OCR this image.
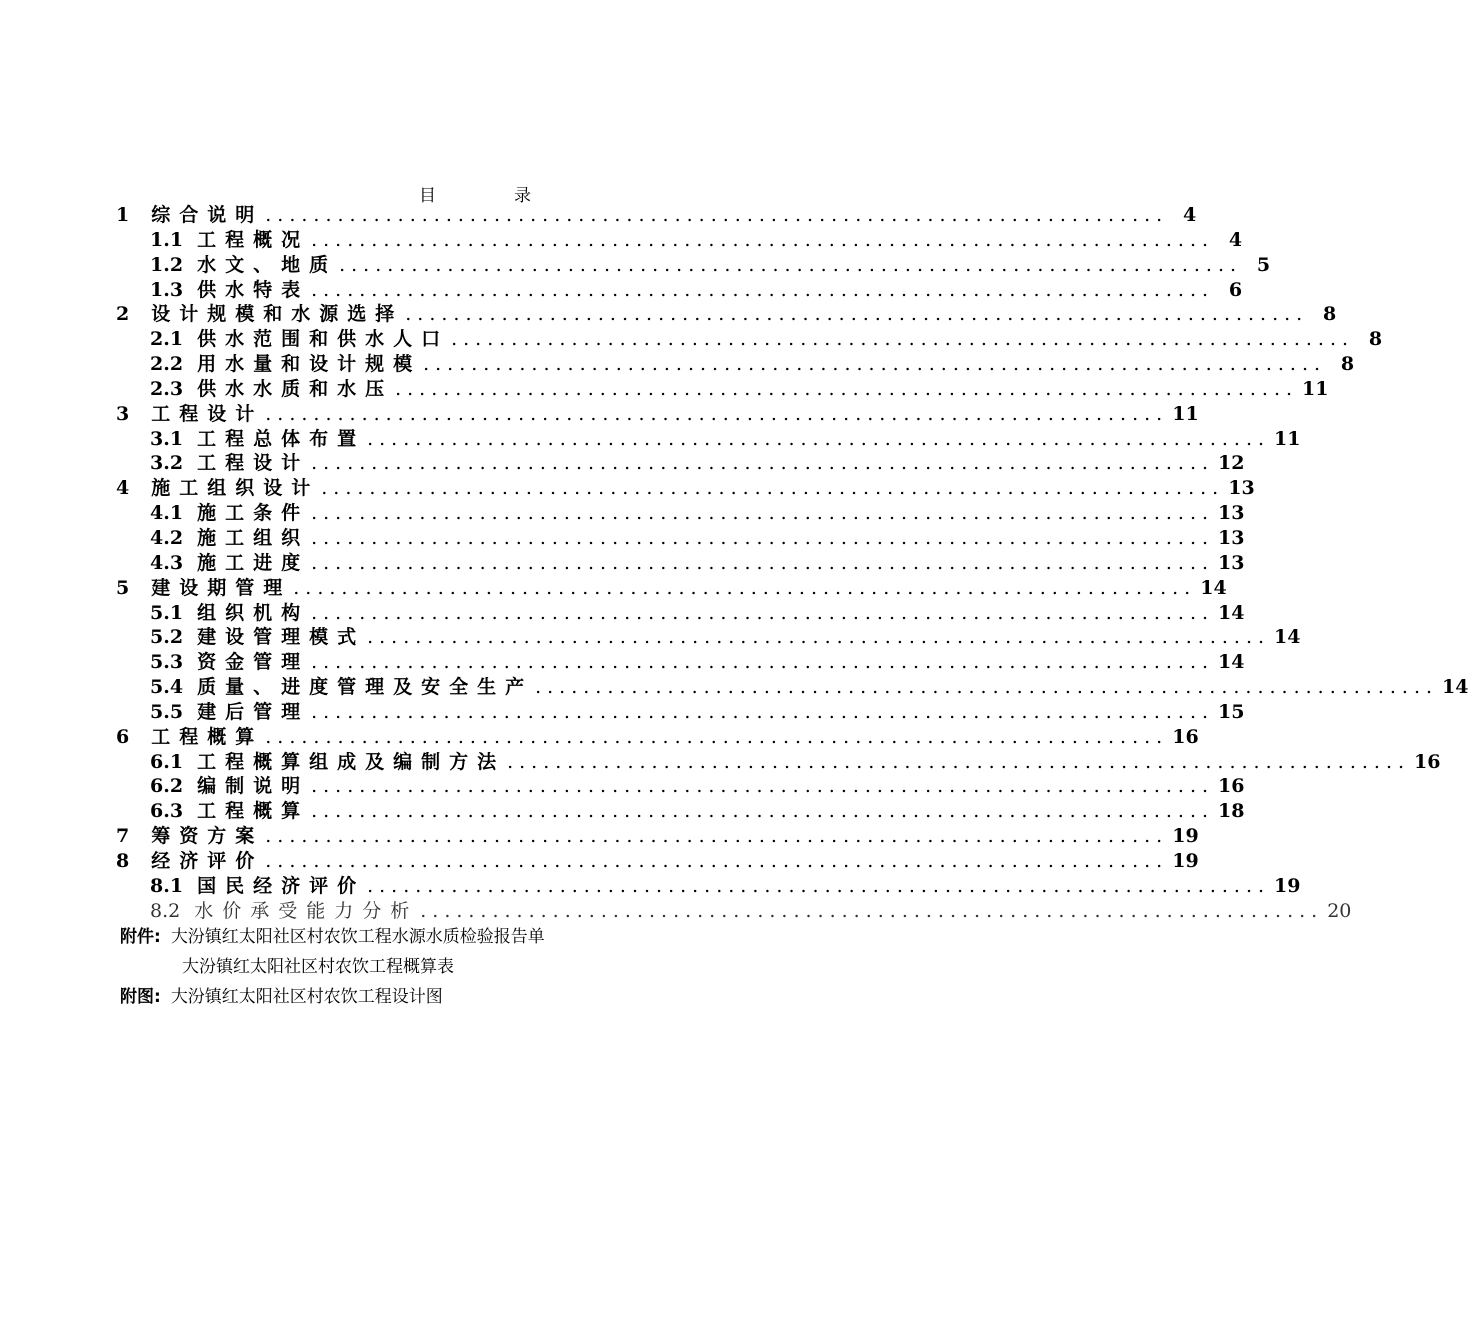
目	录
1 综合说明 ........................................................................... 4
1.1 工程概况 ........................................................................... 4
1.2 水文、地质 ........................................................................... 5
1.3 供水特表 ........................................................................... 6
2 设计规模和水源选择 ........................................................................... 8
2.1 供水范围和供水人口 ........................................................................... 8
2.2 用水量和设计规模 ........................................................................... 8
2.3 供水水质和水压 ........................................................................... 11
3 工程设计 ........................................................................... 11
3.1 工程总体布置 ........................................................................... 11
3.2 工程设计 ........................................................................... 12
4 施工组织设计 ........................................................................... 13
4.1 施工条件 ........................................................................... 13
4.2 施工组织 ........................................................................... 13
4.3 施工进度 ........................................................................... 13
5 建设期管理 ........................................................................... 14
5.1 组织机构 ........................................................................... 14
5.2 建设管理模式 ........................................................................... 14
5.3 资金管理 ........................................................................... 14
5.4 质量、进度管理及安全生产 ........................................................................... 14
5.5 建后管理 ........................................................................... 15
6 工程概算 ........................................................................... 16
6.1 工程概算组成及编制方法 ........................................................................... 16
6.2 编制说明 ........................................................................... 16
6.3 工程概算 ........................................................................... 18
7 筹资方案 ........................................................................... 19
8 经济评价 ........................................................................... 19
8.1 国民经济评价 ........................................................................... 19
8.2 水价承受能力分析 ........................................................................... 20
附件: 大汾镇红太阳社区村农饮工程水源水质检验报告单
大汾镇红太阳社区村农饮工程概算表
附图: 大汾镇红太阳社区村农饮工程设计图
